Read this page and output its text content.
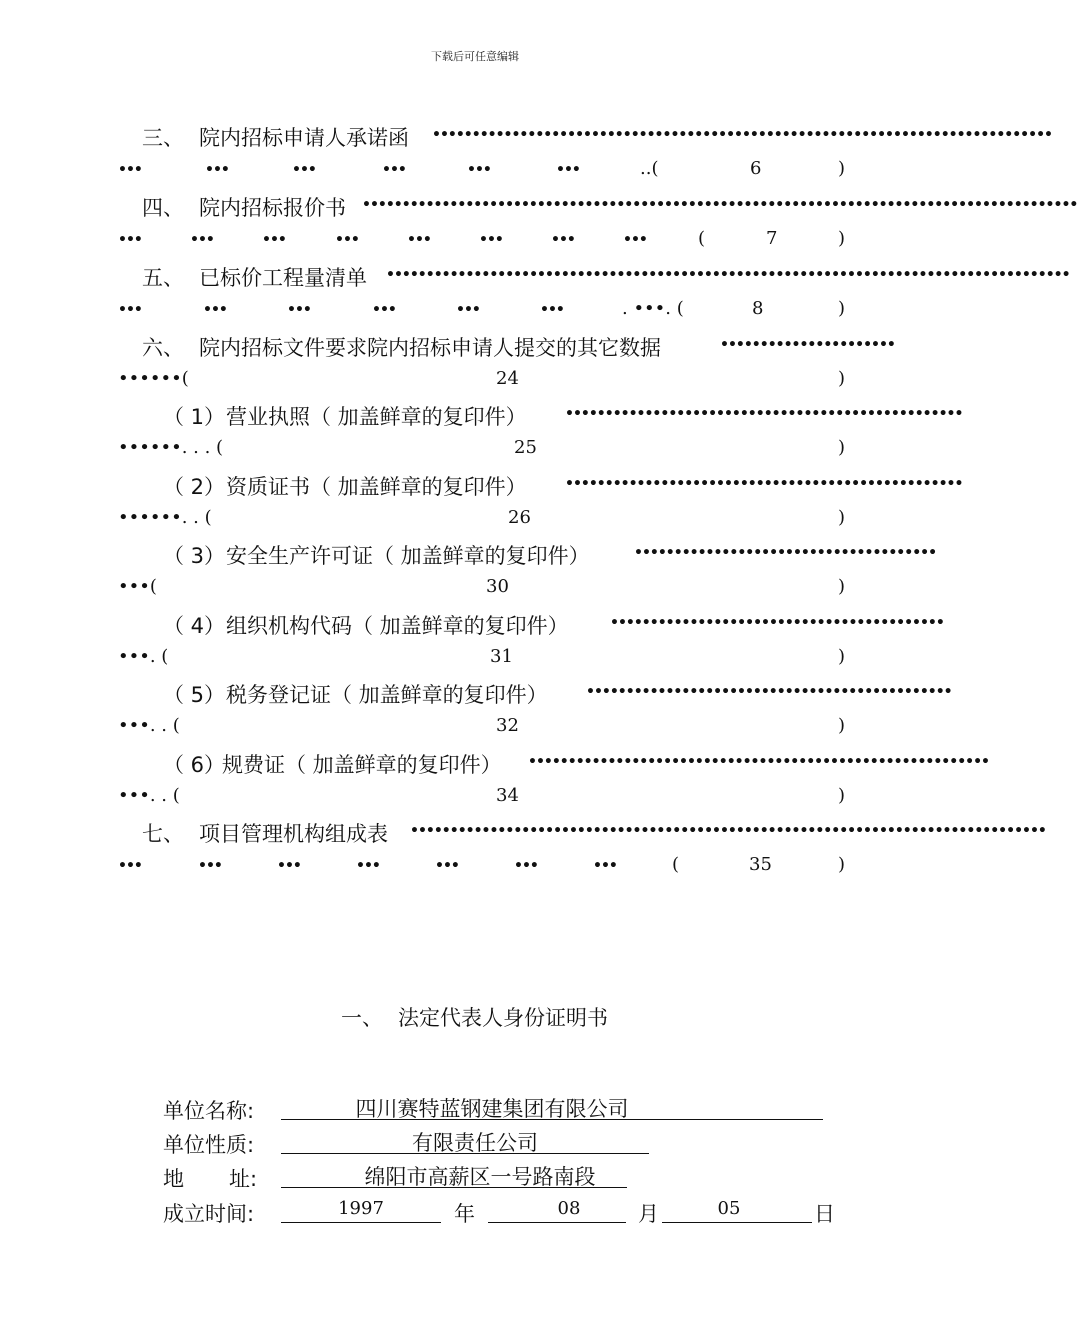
下载后可任意编辑
三、 院内招标申请人承诺函 ••••••••••••••••••••••••••••••••••••••••••••••••••••••••••••••••••••••••••••••
•••	•••	•••	•••	•••	•••	..(	6	)
四、 院内招标报价书 ••••••••••••••••••••••••••••••••••••••••••••••••••••••••••••••••••••••••••••••••••••••••••
•••	•••	•••	•••	•••	•••	•••	•••	(	7	)
五、 已标价工程量清单 ••••••••••••••••••••••••••••••••••••••••••••••••••••••••••••••••••••••••••••••••••••••
•••	•••	•••	•••	•••	•••	. •••. (	8	)
六、 院内招标文件要求院内招标申请人提交的其它数据	••••••••••••••••••••••
••••••(	24	)
（ 1） 营业执照（ 加盖鲜章的复印件）	••••••••••••••••••••••••••••••••••••••••••••••••••
••••••. . . (	25	)
（ 2） 资质证书（ 加盖鲜章的复印件）	••••••••••••••••••••••••••••••••••••••••••••••••••
••••••. . (	26	)
（ 3） 安全生产许可证（ 加盖鲜章的复印件）	••••••••••••••••••••••••••••••••••••••
•••(	30	)
（ 4） 组织机构代码（ 加盖鲜章的复印件）	••••••••••••••••••••••••••••••••••••••••••
•••. (	31	)
（ 5） 税务登记证（ 加盖鲜章的复印件）	••••••••••••••••••••••••••••••••••••••••••••••
•••. . (	32	)
（ 6）
规费证（ 加盖鲜章的复印件） ••••••••••••••••••••••••••••••••••••••••••••••••••••••••••
•••. . (	34	)
七、 项目管理机构组成表 ••••••••••••••••••••••••••••••••••••••••••••••••••••••••••••••••••••••••••••••••
•••	•••	•••	•••	•••	•••	•••	(	35	)
一、 法定代表人身份证明书
单位名称:	四川赛特蓝钢建集团有限公司
单位性质:	有限责任公司
地 址:	绵阳市高薪区一号路南段
成立时间:	1997	年	08	月	05	日
